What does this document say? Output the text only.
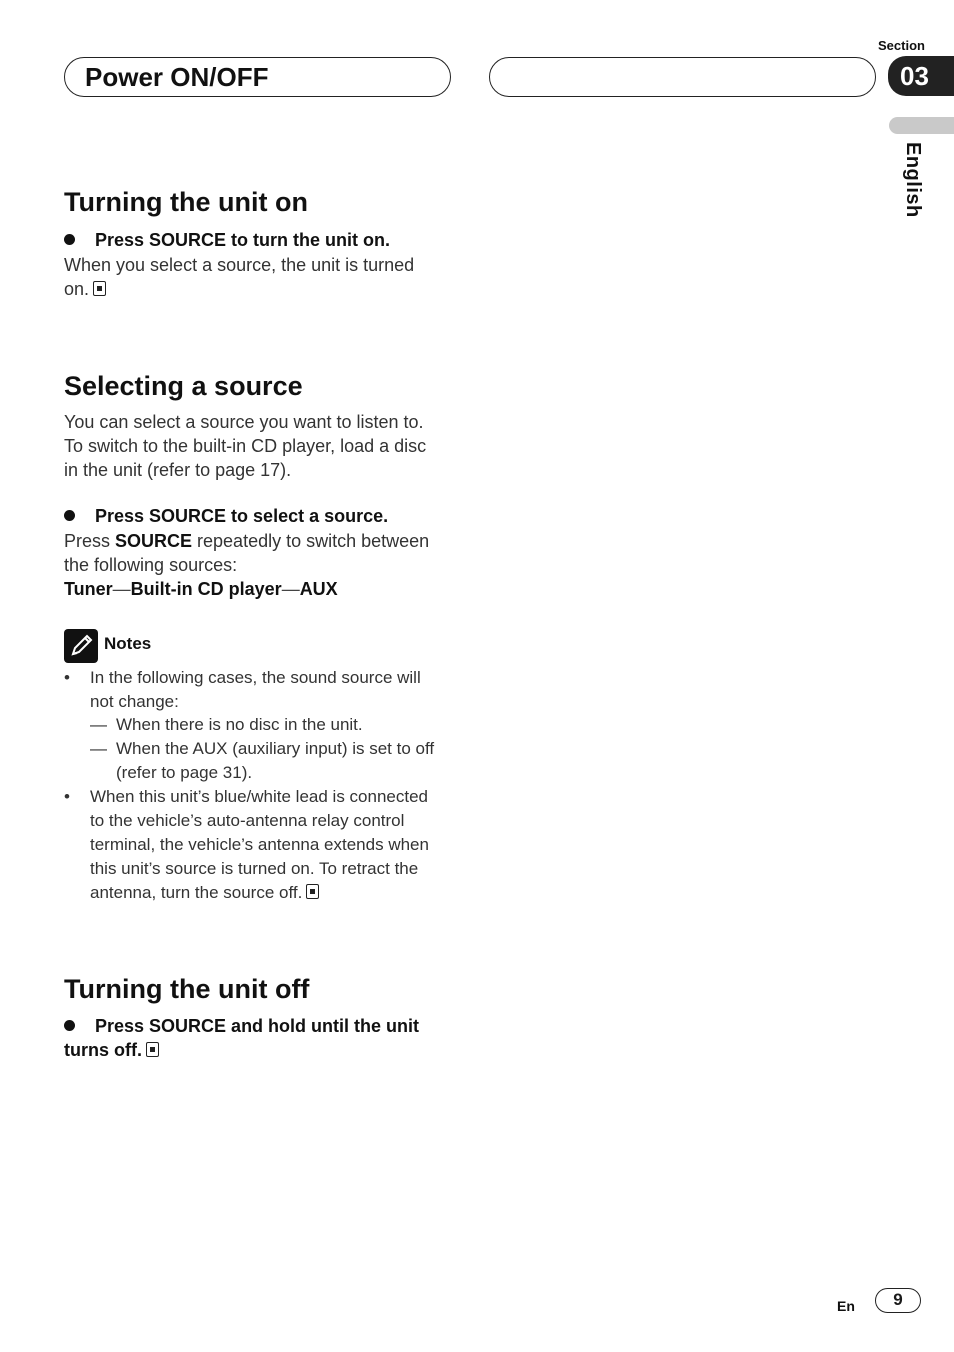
Power ON/OFF
Section
03
English
Turning the unit on
Press SOURCE to turn the unit on.
When you select a source, the unit is turned
on.
Selecting a source
You can select a source you want to listen to.
To switch to the built-in CD player, load a disc
in the unit (refer to page 17).
Press SOURCE to select a source.
Press SOURCE repeatedly to switch between
the following sources:
Tuner—Built-in CD player—AUX
Notes
• In the following cases, the sound source will
not change:
— When there is no disc in the unit.
— When the AUX (auxiliary input) is set to off
(refer to page 31).
• When this unit’s blue/white lead is connected
to the vehicle’s auto-antenna relay control
terminal, the vehicle’s antenna extends when
this unit’s source is turned on. To retract the
antenna, turn the source off.
Turning the unit off
Press SOURCE and hold until the unit
turns off.
En	9
